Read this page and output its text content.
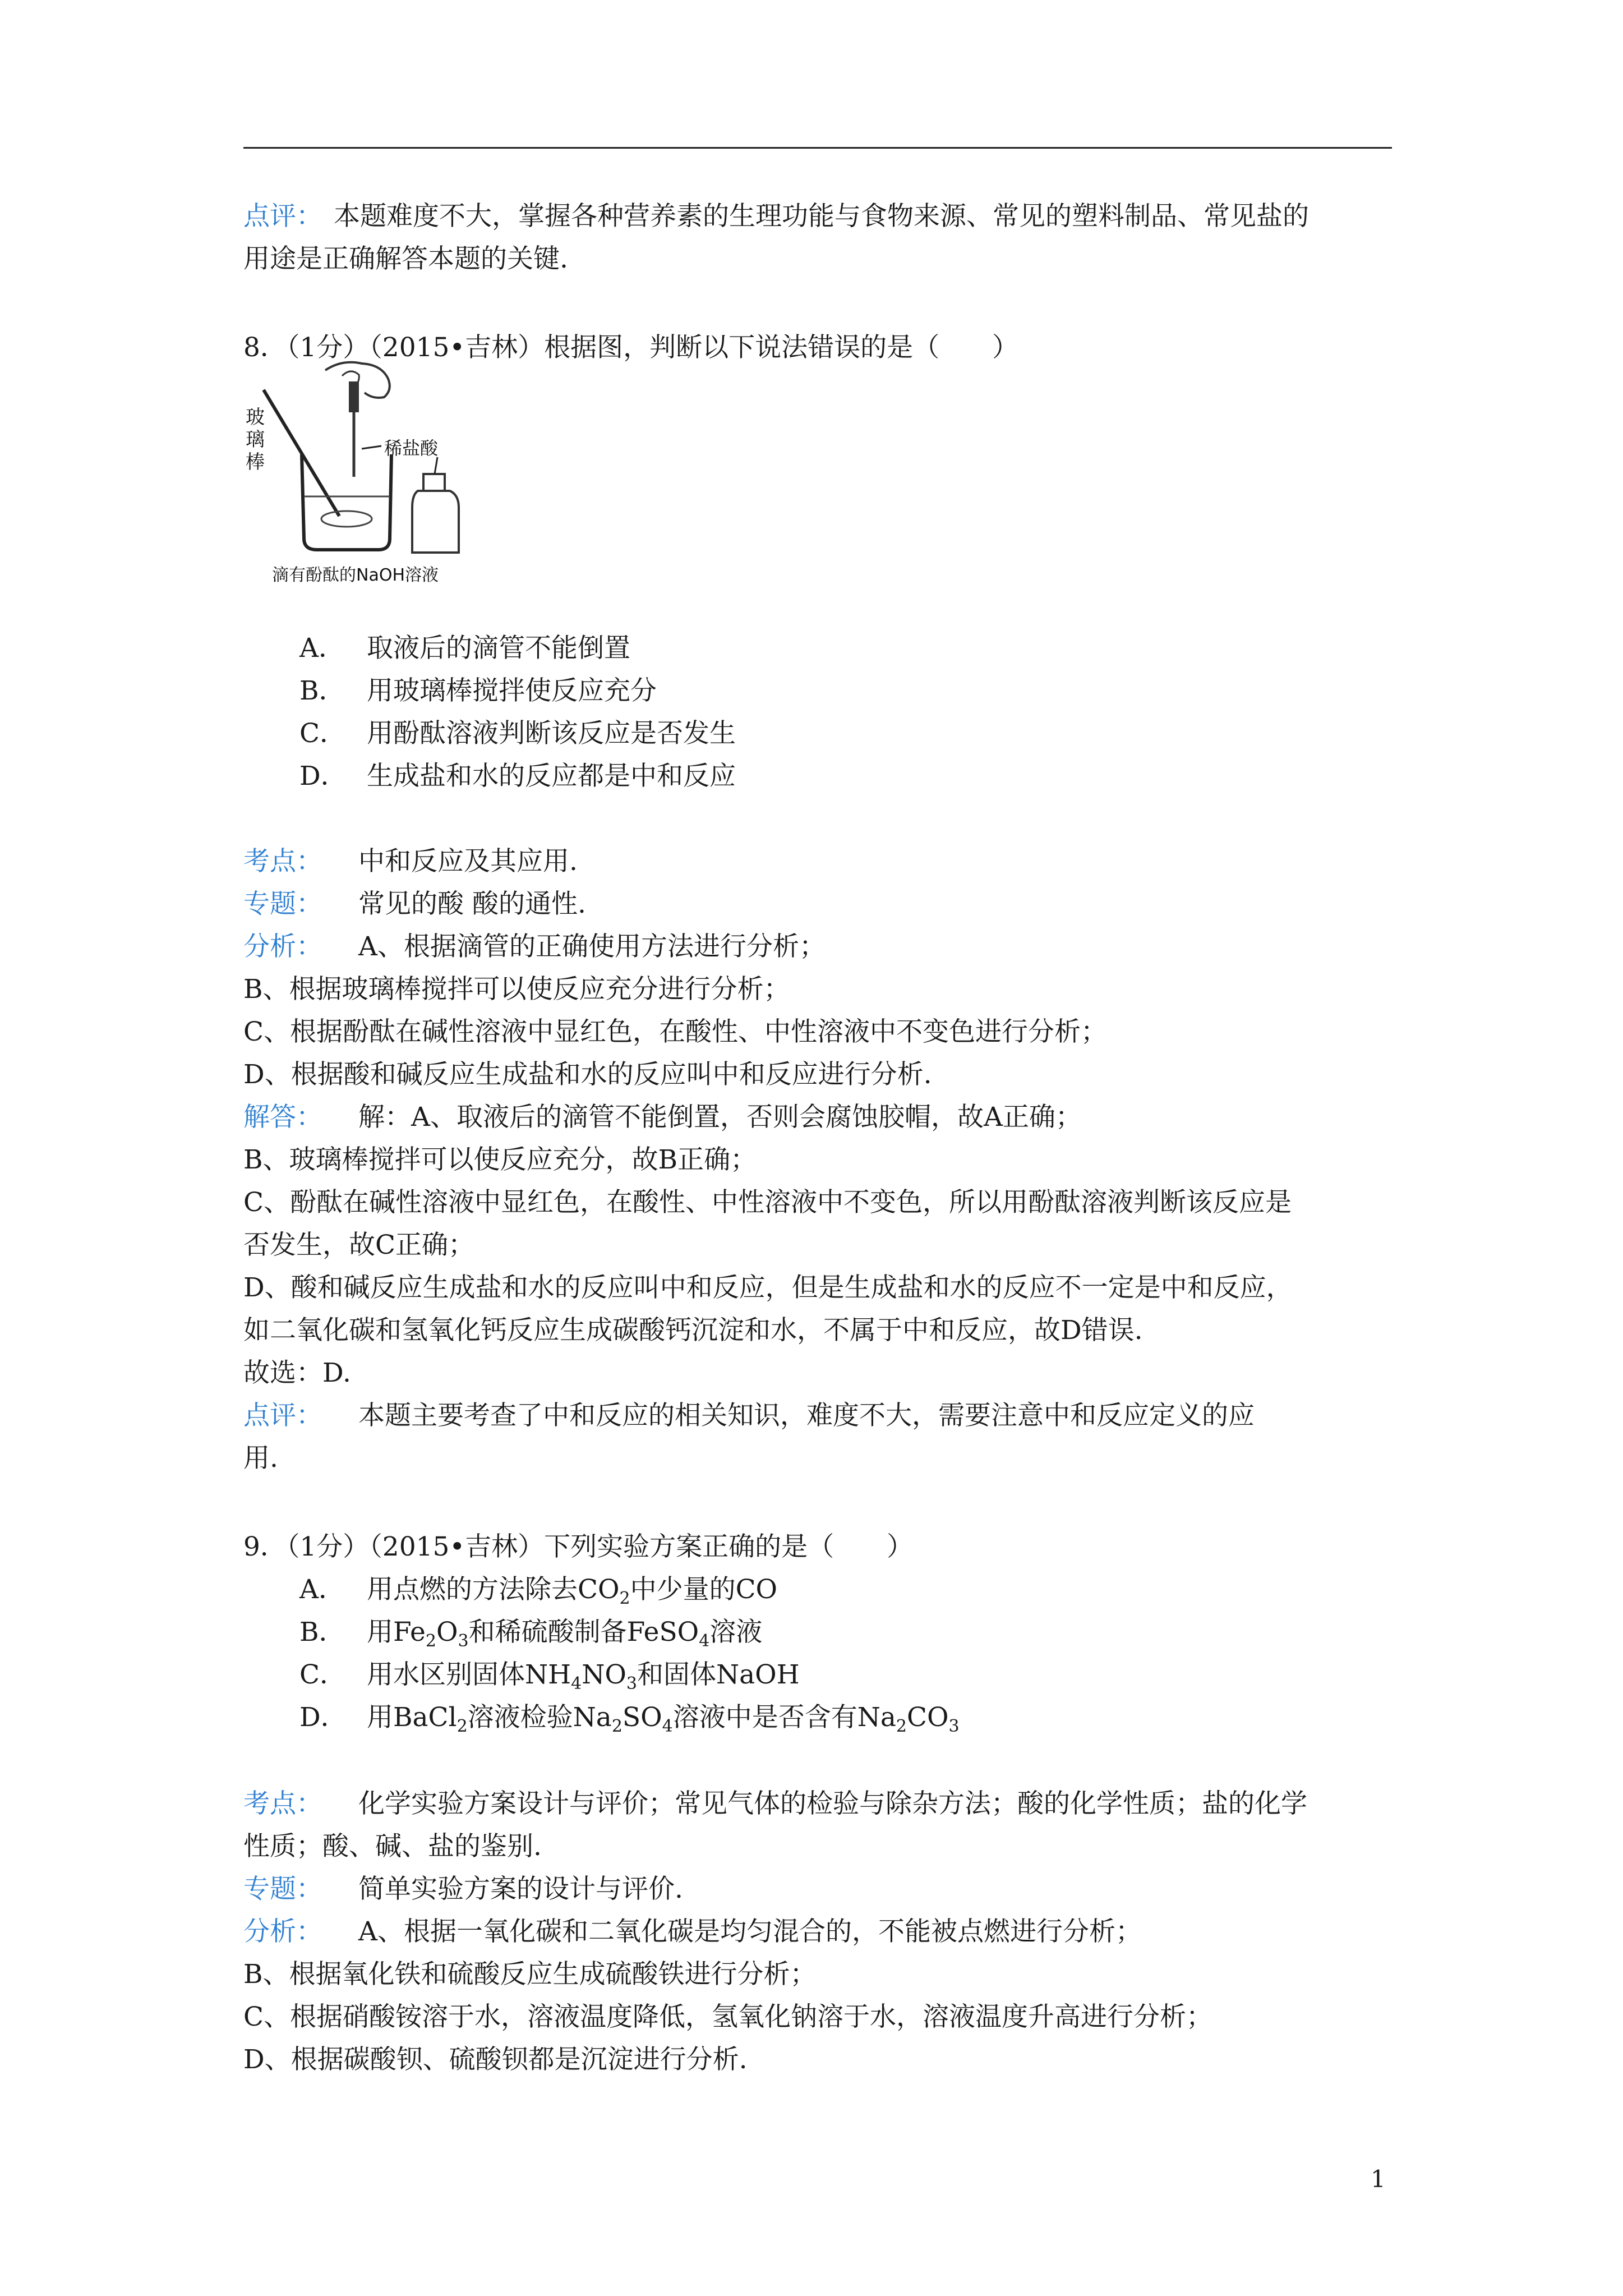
点评： 本题难度不大，掌握各种营养素的生理功能与食物来源、常见的塑料制品、常见盐的
用途是正确解答本题的关键.
8．（1分）（2015•吉林）根据图，判断以下说法错误的是（　　）
玻
璃
棒
稀盐酸
滴有酚酞的NaOH溶液
A． 取液后的滴管不能倒置
B． 用玻璃棒搅拌使反应充分
C． 用酚酞溶液判断该反应是否发生
D． 生成盐和水的反应都是中和反应
考点： 中和反应及其应用.
专题： 常见的酸 酸的通性.
分析： A、根据滴管的正确使用方法进行分析；
B、根据玻璃棒搅拌可以使反应充分进行分析；
C、根据酚酞在碱性溶液中显红色，在酸性、中性溶液中不变色进行分析；
D、根据酸和碱反应生成盐和水的反应叫中和反应进行分析.
解答： 解：A、取液后的滴管不能倒置，否则会腐蚀胶帽，故A正确；
B、玻璃棒搅拌可以使反应充分，故B正确；
C、酚酞在碱性溶液中显红色，在酸性、中性溶液中不变色，所以用酚酞溶液判断该反应是
否发生，故C正确；
D、酸和碱反应生成盐和水的反应叫中和反应，但是生成盐和水的反应不一定是中和反应，
如二氧化碳和氢氧化钙反应生成碳酸钙沉淀和水，不属于中和反应，故D错误.
故选：D.
点评： 本题主要考查了中和反应的相关知识，难度不大，需要注意中和反应定义的应
用.
9．（1分）（2015•吉林）下列实验方案正确的是（　　）
A． 用点燃的方法除去$CO_2$中少量的CO
B． 用$Fe_2O_3$和稀硫酸制备FeSO$_4$溶液
C． 用水区别固体$NH_4NO_3$和固体NaOH
D． 用BaCl$_2$溶液检验$Na_2SO_4$溶液中是否含有$Na_2CO_3$
考点： 化学实验方案设计与评价；常见气体的检验与除杂方法；酸的化学性质；盐的化学
性质；酸、碱、盐的鉴别.
专题： 简单实验方案的设计与评价.
分析： A、根据一氧化碳和二氧化碳是均匀混合的，不能被点燃进行分析；
B、根据氧化铁和硫酸反应生成硫酸铁进行分析；
C、根据硝酸铵溶于水，溶液温度降低，氢氧化钠溶于水，溶液温度升高进行分析；
D、根据碳酸钡、硫酸钡都是沉淀进行分析.
1
